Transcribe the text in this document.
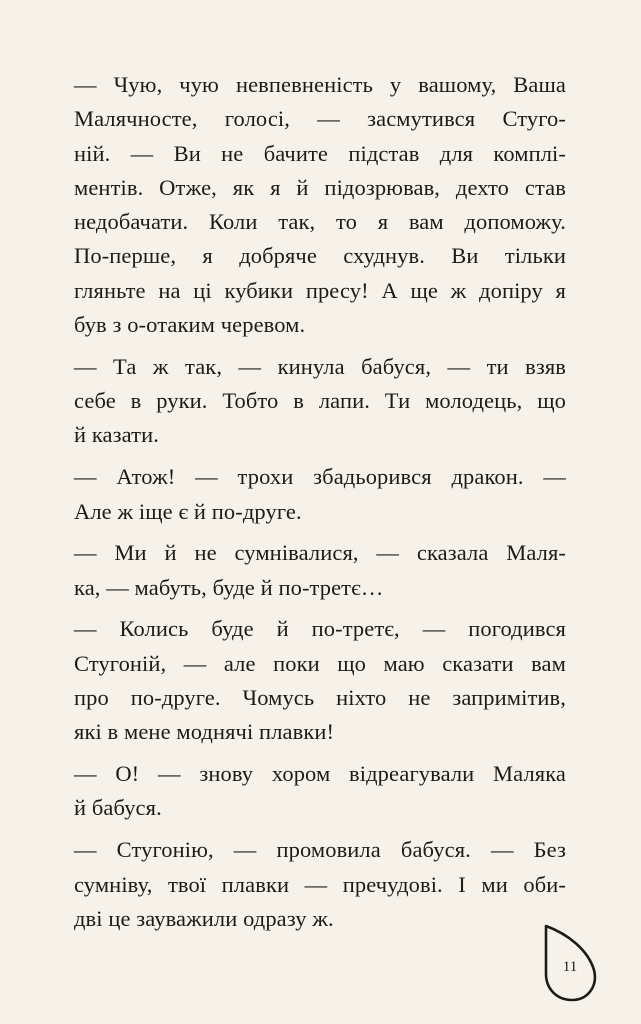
— Чую, чую невпевненість у вашому, Ваша
Малячносте, голосі, — засмутився Стуго-
ній. — Ви не бачите підстав для комплі-
ментів. Отже, як я й підозрював, дехто став
недобачати. Коли так, то я вам допоможу.
По-перше, я добряче схуднув. Ви тільки
гляньте на ці кубики пресу! А ще ж допіру я
був з о-отаким черевом.
— Та ж так, — кинула бабуся, — ти взяв
себе в руки. Тобто в лапи. Ти молодець, що
й казати.
— Атож! — трохи збадьорився дракон. —
Але ж іще є й по-друге.
— Ми й не сумнівалися, — сказала Маля-
ка, — мабуть, буде й по-третє…
— Колись буде й по-третє, — погодився
Стугоній, — але поки що маю сказати вам
про по-друге. Чомусь ніхто не запримітив,
які в мене моднячі плавки!
— О! — знову хором відреагували Маляка
й бабуся.
— Стугонію, — промовила бабуся. — Без
сумніву, твої плавки — пречудові. І ми оби-
дві це зауважили одразу ж.
11
